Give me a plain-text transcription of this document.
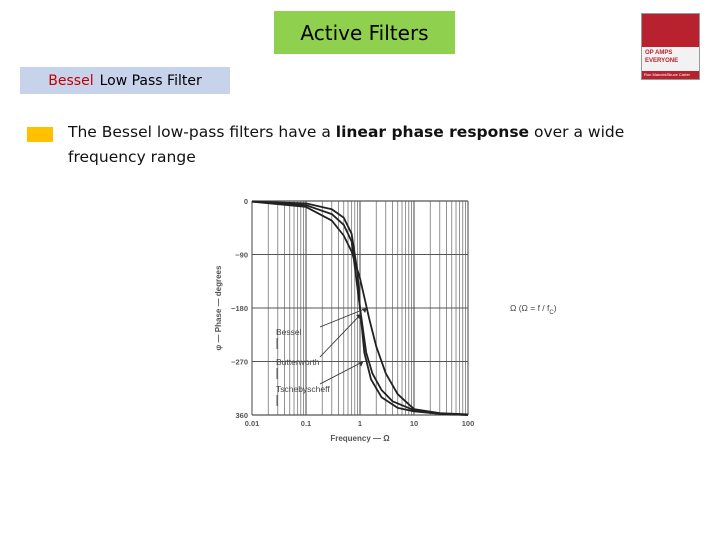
Active Filters
Bessel Low Pass Filter
OP AMPS
EVERYONE
Ron Mancini/Bruce Carter
The Bessel low-pass filters have a linear phase response over a wide frequency range
0
−90
−180
−270
360
0.01	0.1	1	10	100
Frequency — Ω
φ — Phase — degrees	Bessel
Butterworth
Tschebyscheff
Ω $(\Omega = f / f_C)$
